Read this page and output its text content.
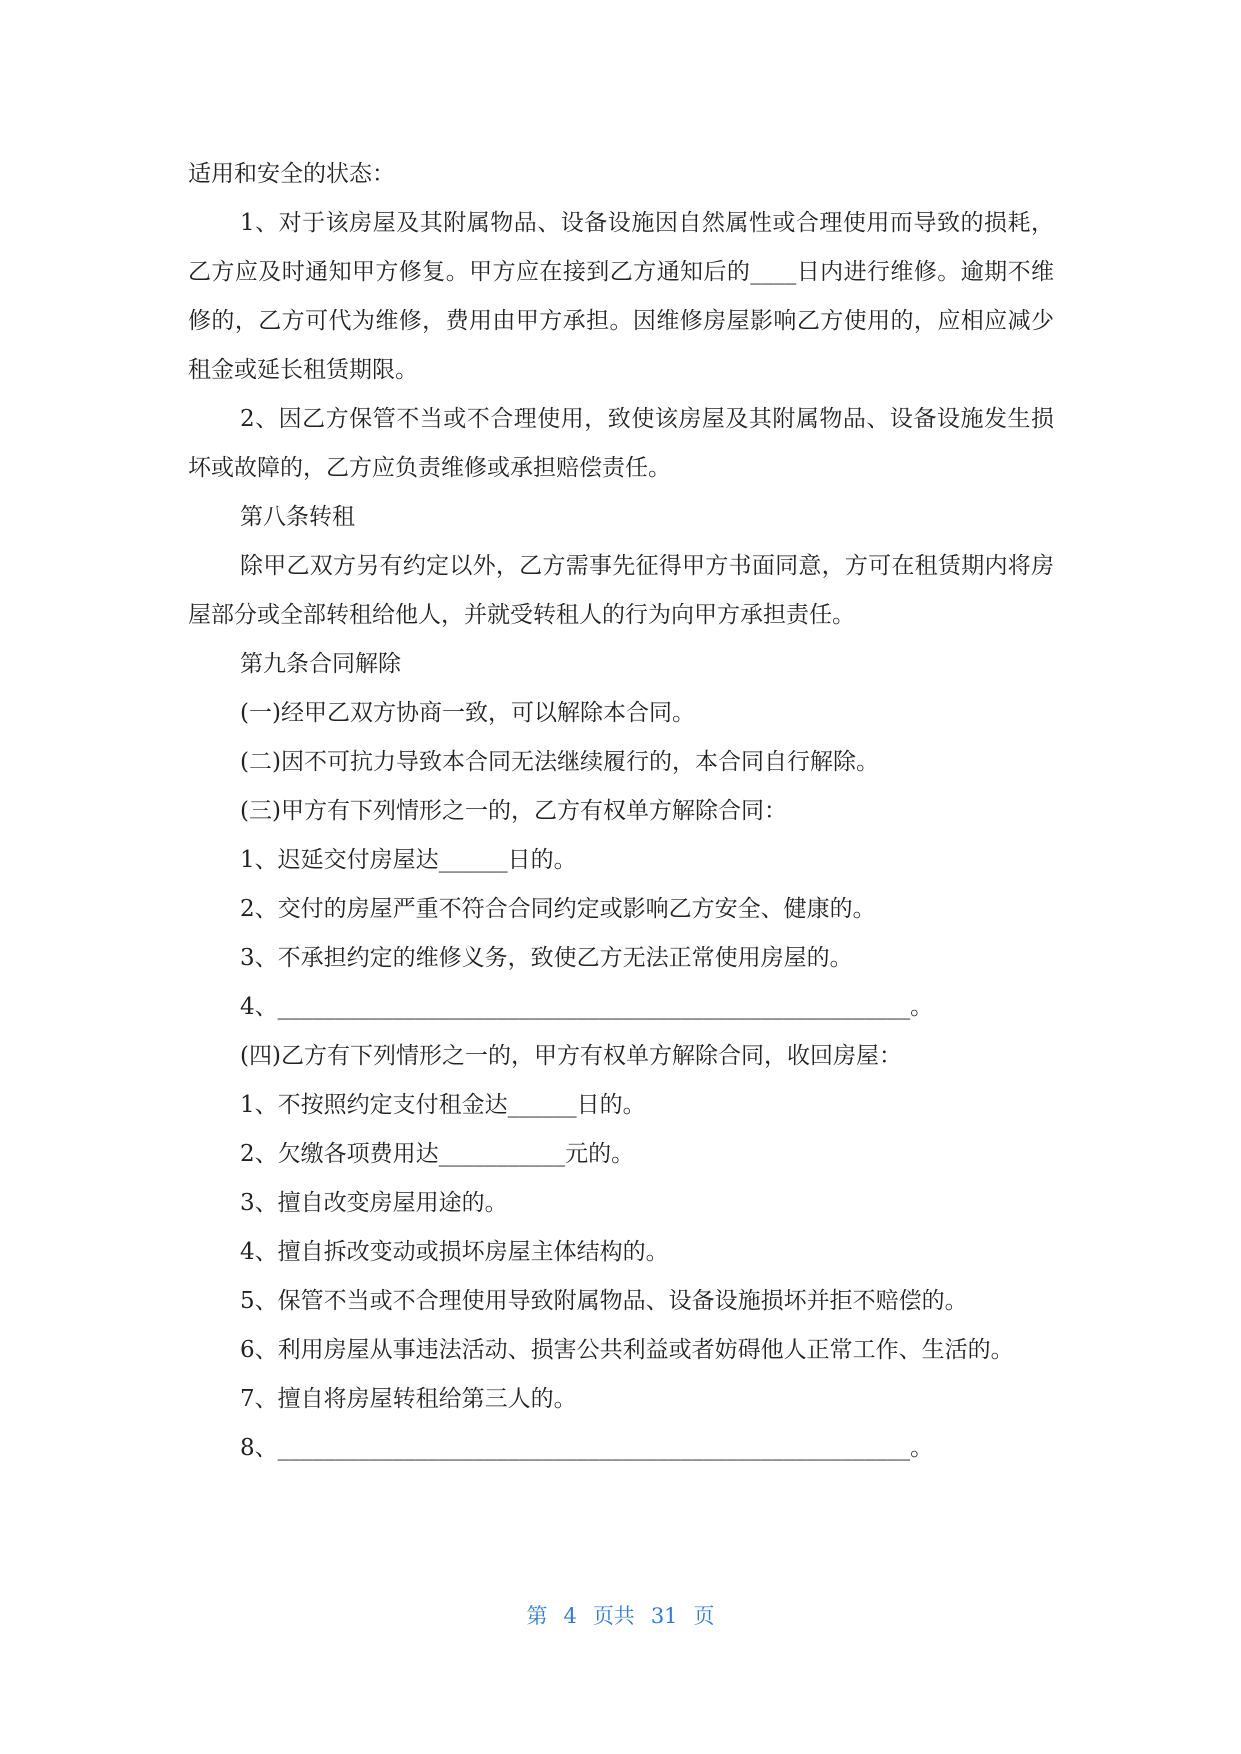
适用和安全的状态：

1、对于该房屋及其附属物品、设备设施因自然属性或合理使用而导致的损耗，乙方应及时通知甲方修复。甲方应在接到乙方通知后的____日内进行维修。逾期不维修的，乙方可代为维修，费用由甲方承担。因维修房屋影响乙方使用的，应相应减少租金或延长租赁期限。

2、因乙方保管不当或不合理使用，致使该房屋及其附属物品、设备设施发生损坏或故障的，乙方应负责维修或承担赔偿责任。

第八条转租

除甲乙双方另有约定以外，乙方需事先征得甲方书面同意，方可在租赁期内将房屋部分或全部转租给他人，并就受转租人的行为向甲方承担责任。

第九条合同解除

(一)经甲乙双方协商一致，可以解除本合同。

(二)因不可抗力导致本合同无法继续履行的，本合同自行解除。

(三)甲方有下列情形之一的，乙方有权单方解除合同：

1、迟延交付房屋达______日的。

2、交付的房屋严重不符合合同约定或影响乙方安全、健康的。

3、不承担约定的维修义务，致使乙方无法正常使用房屋的。

4、_______________________________________________________。

(四)乙方有下列情形之一的，甲方有权单方解除合同，收回房屋：

1、不按照约定支付租金达______日的。

2、欠缴各项费用达___________元的。

3、擅自改变房屋用途的。

4、擅自拆改变动或损坏房屋主体结构的。

5、保管不当或不合理使用导致附属物品、设备设施损坏并拒不赔偿的。

6、利用房屋从事违法活动、损害公共利益或者妨碍他人正常工作、生活的。

7、擅自将房屋转租给第三人的。

8、_______________________________________________________。

第 4 页共 31 页
